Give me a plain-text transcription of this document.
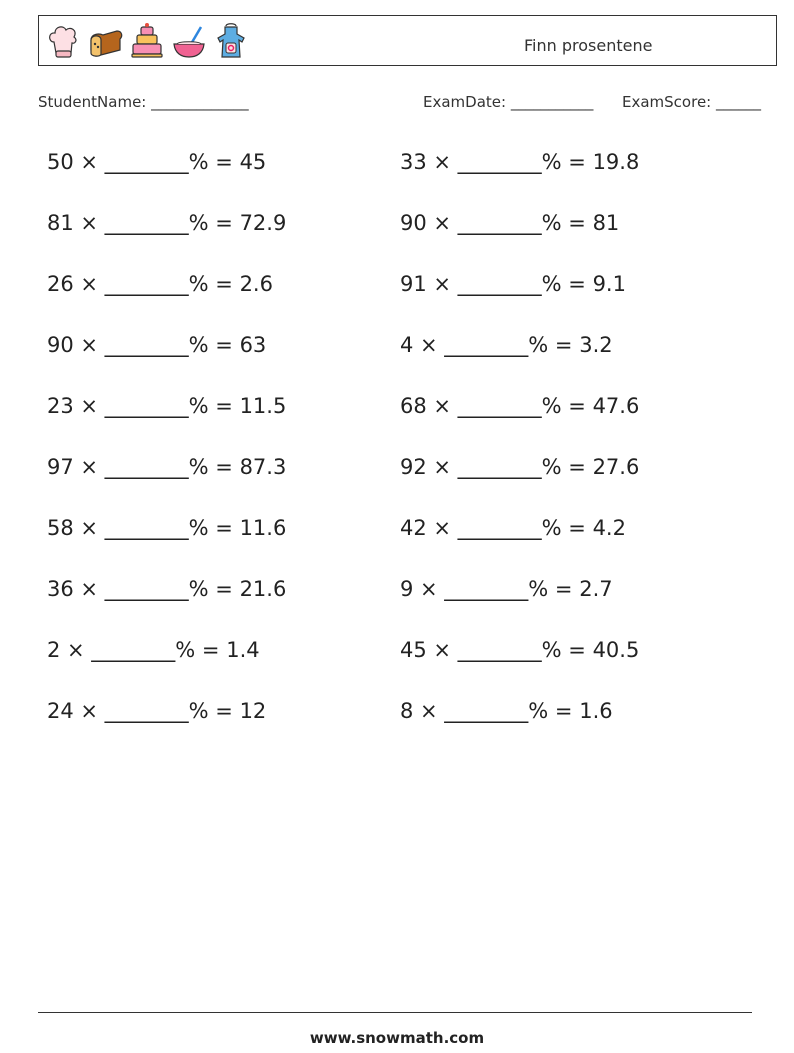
Finn prosentene
StudentName: _____________	ExamDate: ___________ ExamScore: ______
50 × ________% = 45
81 × ________% = 72.9
26 × ________% = 2.6
90 × ________% = 63
23 × ________% = 11.5
97 × ________% = 87.3
58 × ________% = 11.6
36 × ________% = 21.6
2 × ________% = 1.4
24 × ________% = 12
33 × ________% = 19.8
90 × ________% = 81
91 × ________% = 9.1
4 × ________% = 3.2
68 × ________% = 47.6
92 × ________% = 27.6
42 × ________% = 4.2
9 × ________% = 2.7
45 × ________% = 40.5
8 × ________% = 1.6
www.snowmath.com
